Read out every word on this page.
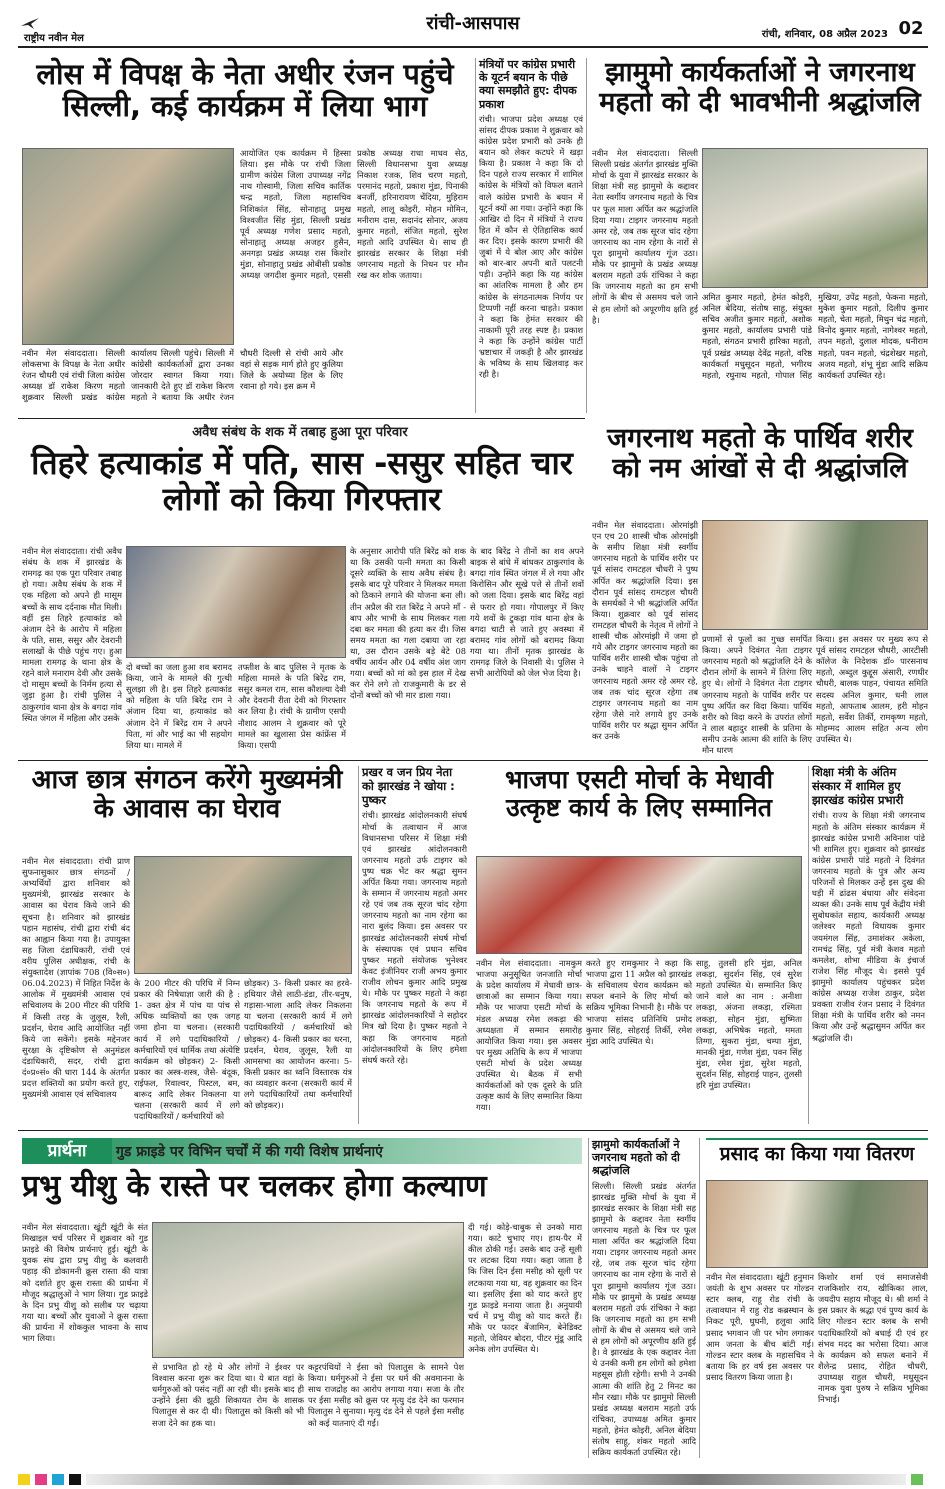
राष्ट्रीय नवीन मेल
रांची-आसपास
रांची, शनिवार, 08 अप्रैल 2023 02
लोस में विपक्ष के नेता अधीर रंजन पहुंचे सिल्ली, कई कार्यक्रम में लिया भाग
आयोजित एक कार्यक्रम में हिस्सा लिया। इस मौके पर रांची जिला ग्रामीण कांग्रेस जिला उपाध्यक्ष नगेंद्र नाथ गोस्वामी, जिला सचिव कार्तिक चन्द्र महतो, जिला महासचिव निशिकांत सिंह, सोनाहातु प्रमुख विश्वजीत सिंह मुंडा, सिल्ली प्रखंड पूर्व अध्यक्ष गणेश प्रसाद महतो, सोनाहातु अध्यक्ष अजहर हुसैन, अनगड़ा प्रखंड अध्यक्ष रास किशोर मुंडा, सोनाहातु प्रखंड ओबीसी प्रकोष्ठ अध्यक्ष जगदीश कुमार महतो, एससी प्रकोष्ठ अध्यक्ष राधा माधव सेठ, सिल्ली विधानसभा युवा अध्यक्ष निकाश रजक, शिव चरण महतो, परमानंद महतो, प्रकाश मुंडा, पिनाकी बनर्जी, हरिनारायण चेंदिया, मुहिराम महतो, लालू कोइरी, मोहन मोमिन, मनीराम दास, सदानंद सोनार, अजय कुमार महतो, संजित महतो, सुरेश महतो आदि उपस्थित थे। साथ ही झारखंड सरकार के शिक्षा मंत्री जगरनाथ महतो के निधन पर मौन रख कर शोक जताया।
नवीन मेल संवाददाता। सिल्ली लोकसभा के विपक्ष के नेता अधीर रंजन चौधरी एवं रांची जिला कांग्रेस अध्यक्ष डॉ राकेश किरण महतो शुक्रवार सिल्ली प्रखंड कांग्रेस कार्यालय सिल्ली पहुंचे। सिल्ली में कांग्रेसी कार्यकर्ताओं द्वारा उनका जोरदार स्वागत किया गया। जानकारी देते हुए डॉ राकेश किरण महतो ने बताया कि अधीर रंजन चौधरी दिल्ली से रांची आये और वहां से सड़क मार्ग होते हुए कुलिया जिले के अयोध्या हिल के लिए रवाना हो गये। इस क्रम में
मंत्रियों पर कांग्रेस प्रभारी के यूटर्न बयान के पीछे क्या समझौते हुए: दीपक प्रकाश
रांची। भाजपा प्रदेश अध्यक्ष एवं सांसद दीपक प्रकाश ने शुक्रवार को कांग्रेस प्रदेश प्रभारी को उनके ही बयान को लेकर कटघरे में खड़ा किया है। प्रकाश ने कहा कि दो दिन पहले राज्य सरकार में शामिल कांग्रेस के मंत्रियों को विफल बताने वाले कांग्रेस प्रभारी के बयान में यूटर्न क्यों आ गया। उन्होंने कहा कि आखिर दो दिन में मंत्रियों ने राज्य हित में कौन से ऐतिहासिक कार्य कर दिए। इसके कारण प्रभारी की जुबां में ये बोल आए और कांग्रेस को बार-बार अपनी बातें पलटनी पड़ी। उन्होंने कहा कि यह कांग्रेस का आंतरिक मामला है और हम कांग्रेस के संगठनात्मक निर्णय पर टिप्पणी नहीं करना चाहते। प्रकाश ने कहा कि हेमंत सरकार की नाकामी पूरी तरह स्पष्ट है। प्रकाश ने कहा कि उन्होंने कांग्रेस पार्टी भ्रष्टाचार में जकड़ी है और झारखंड के भविष्य के साथ खिलवाड़ कर रही है।
झामुमो कार्यकर्ताओं ने जगरनाथ महतो को दी भावभीनी श्रद्धांजलि
नवीन मेल संवाददाता। सिल्ली सिल्ली प्रखंड अंतर्गत झारखंड मुक्ति मोर्चा के युवा में झारखंड सरकार के शिक्षा मंत्री सह झामुमो के कद्दावर नेता स्वर्गीय जगरनाथ महतो के चित्र पर फूल माला अर्पित कर श्रद्धांजलि दिया गया। टाइगर जगरनाथ महतो अमर रहे, जब तक सूरज चांद रहेगा जगरनाथ का नाम रहेगा के नारों से पूरा झामुमो कार्यालय गूंज उठा। मौके पर झामुमो के प्रखंड अध्यक्ष बलराम महतो उर्फ रांचिका ने कहा कि जगरनाथ महतो का हम सभी लोगों के बीच से असमय चले जाने से हम लोगों को अपूरणीय क्षति हुई है।
अमित कुमार महतो, हेमंत कोइरी, अनिल बेदिया, संतोष साहू, संयुक्त सचिव अजीत कुमार महतो, अशोक कुमार महतो, कार्यालय प्रभारी पांडे महतो, संगठन प्रभारी हारिका महतो, पूर्व प्रखंड अध्यक्ष देवेंद्र महतो, वरिष्ठ कार्यकर्ता मधुसूदन महतो, भगीरथ महतो, रघुनाथ महतो, गोपाल सिंह मुखिया, उपेंद्र महतो, फेकना महतो, मुकेश कुमार महतो, दिलीप कुमार महतो, चेता महतो, मिथुन चंद्र महतो, विनोद कुमार महतो, नागेश्वर महतो, तपन महतो, दुलाल मोदक, धनीराम महतो, पवन महतो, चंद्रशेखर महतो, अजय महतो, शंभू मुंडा आदि सक्रिय कार्यकर्ता उपस्थित रहे।
अवैध संबंध के शक में तबाह हुआ पूरा परिवार
तिहरे हत्याकांड में पति, सास -ससुर सहित चार लोगों को किया गिरफ्तार
नवीन मेल संवाददाता। रांची अवैध संबंध के शक में झारखंड के रामगढ़ का एक पूरा परिवार तबाह हो गया। अवैध संबंध के शक में एक महिला को अपने ही मासूम बच्चों के साथ दर्दनाक मौत मिली। वहीं इस तिहरे हत्याकांड को अंजाम देने के आरोप में महिला के पति, सास, ससुर और देवरानी सलाखों के पीछे पहुंच गए। हुआ मामला रामगढ़ के थाना क्षेत्र के रहने वाले मनाराम देवी और उसके दो मासूम बच्चों के निर्मम हत्या से जुड़ा हुआ है। रांची पुलिस ने ठाकुरगांव थाना क्षेत्र के बगदा गांव स्थित जंगल में महिला और उसके
दो बच्चों का जला हुआ शव बरामद किया, जाने के मामले की गुत्थी सुलझा ली है। इस तिहरे हत्याकांड को महिला के पति बिरेंद्र राम ने अंजाम दिया था, हत्याकांड को अंजाम देने में बिरेंद्र राम ने अपने पिता, मां और भाई का भी सहयोग लिया था। मामले में
तफ्तीश के बाद पुलिस ने मृतक के महिला मामले के पति बिरेंद्र राम, ससुर कमल राम, सास कौशल्या देवी और देवरानी रीता देवी को गिरफ्तार कर लिया है। रांची के ग्रामीण एसपी नौशाद आलम ने शुक्रवार को पूरे मामले का खुलासा प्रेस कांफ्रेंस में किया। एसपी
के अनुसार आरोपी पति बिरेंद्र को शक था कि उसकी पत्नी ममता का किसी दूसरे व्यक्ति के साथ अवैध संबंध है। इसके बाद पूरे परिवार ने मिलकर ममता को ठिकाने लगाने की योजना बना ली। तीन अप्रैल की रात बिरेंद्र ने अपने माँ - बाप और भाभी के साथ मिलकर गला दबा कर ममता की हत्या कर दी। जिस समय ममता का गला दबाया जा रहा था, उस दौरान उसके बड़े बेटे 08 वर्षीय आर्यन और 04 वर्षीय अंश जाग गया। बच्चों को मां को इस हाल में देख कर रोने लगे तो राजकुमारी के डर से दोनों बच्चों को भी मार डाला गया।
के बाद बिरेंद्र ने तीनों का शव अपने बाइक से बांधे में बांधकर ठाकुरगांव के बगदा गांव स्थित जंगल में ले गया और किरोसिन और सूखे पत्ते से तीनों शवों को जला दिया। इसके बाद बिरेंद्र वहां से फरार हो गया। गोपालपुर में किए गये शवों के टुकड़ा गांव थाना क्षेत्र के बगदा चाटी से जाते हुए अवस्था में बरामद गांव लोगों को बरामद किया गया था। तीनों मृतक झारखंड के रामगढ़ जिले के निवासी थे। पुलिस ने सभी आरोपियों को जेल भेज दिया है।
जगरनाथ महतो के पार्थिव शरीर को नम आंखों से दी श्रद्धांजलि
नवीन मेल संवाददाता। ओरमांझी एन एच 20 शास्त्री चौक ओरमांझी के समीप शिक्षा मंत्री स्वर्गीय जगरनाथ महतो के पार्थिव शरीर पर पूर्व सांसद रामटहल चौधरी ने पुष्प अर्पित कर श्रद्धांजलि दिया। इस दौरान पूर्व सांसद रामटहल चौधरी के समर्थकों ने भी श्रद्धांजलि अर्पित किया। शुक्रवार को पूर्व सांसद रामटहल चौधरी के नेतृत्व में लोगों ने शास्त्री चौक ओरमांझी में जमा हो गये और टाइगर जगरनाथ महतो का पार्थिव शरीर शास्त्री चौक पहुंचा तो उनके चाहने वालों ने टाइगर जगरनाथ महतो अमर रहे अमर रहे, जब तक चांद सूरज रहेगा तब टाइगर जगरनाथ महतो का नाम रहेगा जैसे नारे लगाये हुए उनके पार्थिव शरीर पर श्रद्धा सुमन अर्पित कर उनके
प्रणामों से फूलों का गुच्छ समर्पित किया। अपने दिवंगत नेता टाइगर जगरनाथ महतो को श्रद्धांजलि देने के दौरान लोगों के सामने में तिरंगा लिए हुए थे। लोगों ने दिवंगत नेता टाइगर जगरनाथ महतो के पार्थिव शरीर पर पुष्प अर्पित कर विदा किया। पार्थिव शरीर को विदा करने के उपरांत लोगों ने लाल बहादुर शास्त्री के प्रतिमा के समीप उनके आत्मा की शांति के लिए मौन धारण
किया। इस अवसर पर मुख्य रूप से पूर्व सांसद रामटहल चौधरी, आरटीसी कॉलेज के निदेशक डॉ० पारसनाथ महतो, अब्दुल कुद्दूस अंसारी, रणधीर चौधरी, बालक पाहन, पंचायत समिति सदस्य अनिल कुमार, धनी लाल महतो, आफताब आलम, हरी मोहन महतो, सर्वेश तिर्की, रामकृष्ण महतो, मोहम्मद आलम सहित अन्य लोग उपस्थित थे।
आज छात्र संगठन करेंगे मुख्यमंत्री के आवास का घेराव
नवीन मेल संवाददाता। रांची प्राण सुफनासुकार छात्र संगठनों / अभ्यर्थियों द्वारा शनिवार को मुख्यमंत्री, झारखंड सरकार के आवास का घेराव किये जाने की सूचना है। शनिवार को झारखंड पहान महासंघ, रांची द्वारा रांची बंद का आह्वान किया गया है। उपायुक्त सह जिला दंडाधिकारी, रांची एवं वरीय पुलिस अधीक्षक, रांची के संयुक्तादेश (ज्ञापांक 708 (वि०स०) 06.04.2023) में निहित निर्देश के आलोक में मुख्यमंत्री आवास एवं सचिवालय के 200 मीटर की परिधि में किसी तरह के जुलूस, रैली, प्रदर्शन, घेराव आदि आयोजित नहीं किये जा सकेंगे। इसके मद्देनजर सुरक्षा के दृष्टिकोण से अनुमंडल दंडाधिकारी, सदर, रांची द्वारा दं०प्र०सं० की धारा 144 के अंतर्गत प्रदत्त शक्तियों का प्रयोग करते हुए, मुख्यमंत्री आवास एवं सचिवालय
के 200 मीटर की परिधि में निम्न प्रकार की निषेधाज्ञा जारी की है : 1- उक्त क्षेत्र में पांच या पांच से अधिक व्यक्तियों का एक जगह जमा होना या चलना। (सरकारी कार्य में लगे पदाधिकारियों / कर्मचारियों एवं धार्मिक तथा अंत्येष्टि कार्यक्रम को छोड़कर) 2- किसी प्रकार का अस्त्र-शस्त्र, जैसे- बंदूक, राईफल, रिवाल्वर, पिस्टल, बम, बारूद आदि लेकर निकलना या चलना (सरकारी कार्य में लगे पदाधिकारियों / कर्मचारियों को
छोड़कर) 3- किसी प्रकार का हरवे-हथियार जैसे लाठी-डंडा, तीर-धनुष, गड़ासा-भाला आदि लेकर निकलना या चलना (सरकारी कार्य में लगे पदाधिकारियों / कर्मचारियों को छोड़कर) 4- किसी प्रकार का धरना, प्रदर्शन, घेराव, जुलूस, रैली या आमसभा का आयोजन करना। 5- किसी प्रकार का ध्वनि विस्तारक यंत्र का व्यवहार करना (सरकारी कार्य में लगे पदाधिकारियों तथा कर्मचारियों को छोड़कर)।
प्रखर व जन प्रिय नेता को झारखंड ने खोया : पुष्कर
रांची। झारखंड आंदोलनकारी संघर्ष मोर्चा के तत्वाधान में आज विधानसभा परिसर में शिक्षा मंत्री एवं झारखंड आंदोलनकारी जगरनाथ महतो उर्फ टाइगर को पुष्प चक्र भेंट कर श्रद्धा सुमन अर्पित किया गया। जगरनाथ महतो के सम्मान में जगरनाथ महतो अमर रहे एवं जब तक सूरज चांद रहेगा जगरनाथ महतो का नाम रहेगा का नारा बुलंद किया। इस अवसर पर झारखंड आंदोलनकारी संघर्ष मोर्चा के संस्थापक एवं प्रधान सचिव पुष्कर महतो संयोजक भुनेश्वर केवट इंजीनियर राजी अभय कुमार राजीव लोचन कुमार आदि प्रमुख थे। मौके पर पुष्कर महतो ने कहा कि जगरनाथ महतो के रूप में झारखंड आंदोलनकारियों ने सहोदर मित्र खो दिया है। पुष्कर महतो ने कहा कि जगरनाथ महतो आंदोलनकारियों के लिए हमेशा संघर्ष करते रहे।
भाजपा एसटी मोर्चा के मेधावी उत्कृष्ट कार्य के लिए सम्मानित
नवीन मेल संवाददाता। नामकुम भाजपा अनुसूचित जनजाति मोर्चा के प्रदेश कार्यालय में मेधावी छात्र-छात्राओं का सम्मान किया गया। मौके पर भाजपा एसटी मोर्चा के मंडल अध्यक्ष रमेश लकड़ा की अध्यक्षता में सम्मान समारोह आयोजित किया गया। इस अवसर पर मुख्य अतिथि के रूप में भाजपा एसटी मोर्चा के प्रदेश अध्यक्ष उपस्थित थे। बैठक में सभी कार्यकर्ताओं को एक दूसरे के प्रति उत्कृष्ट कार्य के लिए सम्मानित किया गया।
करते हुए रामकुमार ने कहा कि भाजपा द्वारा 11 अप्रैल को झारखंड के सचिवालय घेराव कार्यक्रम को सफल बनाने के लिए मोर्चा को सक्रिय भूमिका निभानी है। मौके पर भाजपा सांसद प्रतिनिधि प्रमोद कुमार सिंह, सोहराई तिर्की, रमेश मुंडा आदि उपस्थित थे।
साहू, तुलसी हरि मुंडा, अनिल लकड़ा, सुदर्शन सिंह, एवं सुरेश महतो उपस्थित थे। सम्मानित किए जाने वाले का नाम : अनीशा लकड़ा, अंजना लकड़ा, रश्मिता लकड़ा, सोहन मुंडा, सुष्मिता लकड़ा, अभिषेक महतो, ममता तिग्गा, सुकरा मुंडा, चम्पा मुंडा, मानकी मुंडा, गणेश मुंडा, पवन सिंह मुंडा, रमेश मुंडा, सुरेश महतो, सुदर्शन सिंह, सोहराई पाहन, तुलसी हरि मुंडा उपस्थित।
शिक्षा मंत्री के अंतिम संस्कार में शामिल हुए झारखंड कांग्रेस प्रभारी
रांची। राज्य के शिक्षा मंत्री जगरनाथ महतो के अंतिम संस्कार कार्यक्रम में झारखंड कांग्रेस प्रभारी अविनाश पांडे भी शामिल हुए। शुक्रवार को झारखंड कांग्रेस प्रभारी पांडे महतो ने दिवंगत जगरनाथ महतो के पुत्र और अन्य परिजनों से मिलकर उन्हें इस दुख की घड़ी में ढांढस बंधाया और संवेदना व्यक्त की। उनके साथ पूर्व केंद्रीय मंत्री सुबोधकांत सहाय, कार्यकारी अध्यक्ष जलेश्वर महतो विधायक कुमार जयमंगल सिंह, उमाशंकर अकेला, रामचंद्र सिंह, पूर्व मंत्री केशव महतो कमलेश, शोभा मीडिया के इंचार्ज राजेश सिंह मौजूद थे। इससे पूर्व झामुमो कार्यालय पहुंचकर प्रदेश कांग्रेस अध्यक्ष राजेश ठाकुर, प्रदेश प्रवक्ता राजीव रंजन प्रसाद ने दिवंगत शिक्षा मंत्री के पार्थिव शरीर को नमन किया और उन्हें श्रद्धासुमन अर्पित कर श्रद्धांजलि दी।
प्रार्थना	गुड फ्राइडे पर विभिन चर्चों में की गयी विशेष प्रार्थनाएं
प्रभु यीशु के रास्ते पर चलकर होगा कल्याण
नवीन मेल संवाददाता। खूंटी खूंटी के संत मिखाइल चर्च परिसर में शुक्रवार को गुड फ्राइडे की विशेष प्रार्थनाएं हुई। खूंटी के युवक संघ द्वारा प्रभु यीशु के कलवारी पहाड़ की डोकामनी क्रूस रास्ता की यात्रा को दर्शाते हुए क्रूस रास्ता की प्रार्थना में मौजूद श्रद्धालुओं ने भाग लिया। गुड फ्राइडे के दिन प्रभु यीशु को सलीब पर चढ़ाया गया था। बच्चों और युवाओं ने क्रूस रास्ता की प्रार्थना में शोककुल भावना के साथ भाग लिया।
से प्रभावित हो रहे थे और लोगों ने ईश्वर पर विश्वास करना शुरू कर दिया था। ये बात वहां के धर्मगुरुओं को पसंद नहीं आ रही थी। इसके बाद ही उन्होंने ईसा की झूठी शिकायत रोम के शासक पिलातुस से कर दी थी। पिलातुस को किसी को भी सजा देने का हक था।
कट्टरपंथियों ने ईसा को पिलातुस के सामने पेश किया। धर्मगुरुओं ने ईसा पर धर्म की अवमानना के साथ राजद्रोह का आरोप लगाया गया। सजा के तौर पर ईसा मसीह को क्रूस पर मृत्यु दंड देने का फरमान पिलातुस ने सुनाया। मृत्यु दंड देने से पहले ईसा मसीह को कई यातनाएं दी गईं।
दी गई। कोड़े-चाबुक से उनको मारा गया। काटे चुभाए गए। हाथ-पैर में कील ठोकी गई। उसके बाद उन्हें सूली पर लटका दिया गया। कहा जाता है कि जिस दिन ईसा मसीह को सूली पर लटकाया गया था, वह शुक्रवार का दिन था। इसलिए ईसा को याद करते हुए गुड फ्राइडे मनाया जाता है। अनुयायी चर्च में प्रभु यीशु को याद करते हैं। मौके पर फादर बेंजामिन, बेनेडिक्ट महतो, जेवियर बोदरा, पीटर मुंडू आदि अनेक लोग उपस्थित थे।
झामुमो कार्यकर्ताओं ने जगरनाथ महतो को दी श्रद्धांजलि
सिल्ली। सिल्ली प्रखंड अंतर्गत झारखंड मुक्ति मोर्चा के युवा में झारखंड सरकार के शिक्षा मंत्री सह झामुमो के कद्दावर नेता स्वर्गीय जगरनाथ महतो के चित्र पर फूल माला अर्पित कर श्रद्धांजलि दिया गया। टाइगर जगरनाथ महतो अमर रहे, जब तक सूरज चांद रहेगा जगरनाथ का नाम रहेगा के नारों से पूरा झामुमो कार्यालय गूंज उठा। मौके पर झामुमो के प्रखंड अध्यक्ष बलराम महतो उर्फ रांचिका ने कहा कि जगरनाथ महतो का हम सभी लोगों के बीच से असमय चले जाने से हम लोगों को अपूरणीय क्षति हुई है। वे झारखंड के एक कद्दावर नेता थे उनकी कमी हम लोगों को हमेशा महसूस होती रहेगी। सभी ने उनकी आत्मा की शांति हेतु 2 मिनट का मौन रखा। मौके पर झामुमो सिल्ली प्रखंड अध्यक्ष बलराम महतो उर्फ रांचिका, उपाध्यक्ष अमित कुमार महतो, हेमंत कोइरी, अनिल बेदिया संतोष साहू, शंकर महतो आदि सक्रिय कार्यकर्ता उपस्थित रहे।
प्रसाद का किया गया वितरण
नवीन मेल संवाददाता। खूंटी हनुमान जयंती के शुभ अवसर पर गोल्डन स्टार क्लब, राहू रोड रांची के तत्वावधान में राहु रोड कब्रस्थान के निकट पूरी, घुघनी, हलुवा आदि प्रसाद भगवान जी पर भोग लगाकर आम जनता के बीच बांटी गई। गोल्डन स्टार क्लब के महासचिव ने बताया कि हर वर्ष इस अवसर पर प्रसाद वितरण किया जाता है।
किशोर शर्मा एवं समाजसेवी राजकिशोर राय, खीकिका लाल, जयदीप सहाय मौजूद थे। श्री शर्मा ने इस प्रकार के श्रद्धा एवं पुण्य कार्य के लिए गोल्डन स्टार क्लब के सभी पदाधिकारियों को बधाई दी एवं हर संभव मदद का भरोसा दिया। आज के कार्यक्रम को सफल बनाने में शैलेन्द्र प्रसाद, रोहित चौधरी, उपाध्यक्ष राहुल चौधरी, मधुसूदन नामक युवा पुरुष ने सक्रिय भूमिका निभाई।
